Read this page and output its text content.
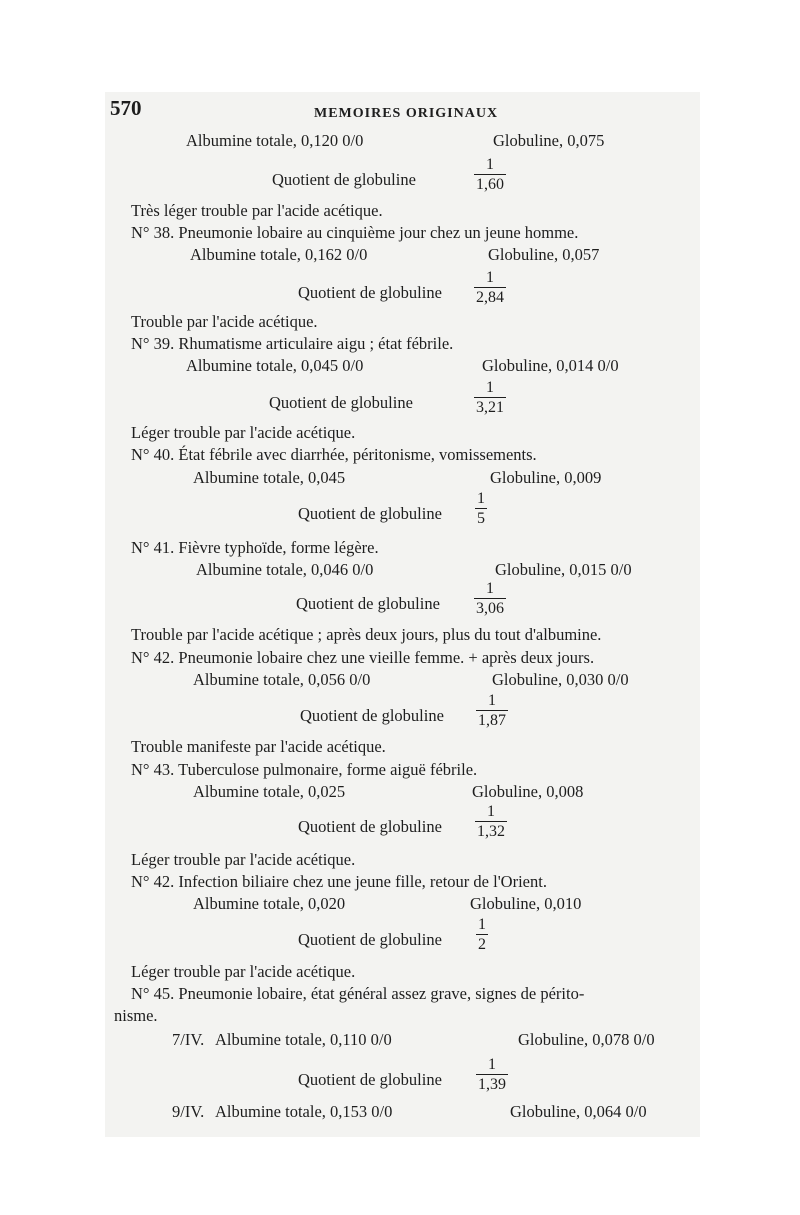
570	MEMOIRES ORIGINAUX
Albumine totale, 0,120 0/0	Globuline, 0,075
Quotient de globuline
1
1,60
Très léger trouble par l'acide acétique.
N° 38. Pneumonie lobaire au cinquième jour chez un jeune homme.
Albumine totale, 0,162 0/0	Globuline, 0,057
Quotient de globuline
1
2,84
Trouble par l'acide acétique.
N° 39. Rhumatisme articulaire aigu ; état fébrile.
Albumine totale, 0,045 0/0	Globuline, 0,014 0/0
Quotient de globuline
1
3,21
Léger trouble par l'acide acétique.
N° 40. État fébrile avec diarrhée, péritonisme, vomissements.
Albumine totale, 0,045	Globuline, 0,009
Quotient de globuline
1
5
N° 41. Fièvre typhoïde, forme légère.
Albumine totale, 0,046 0/0	Globuline, 0,015 0/0
Quotient de globuline
1
3,06
Trouble par l'acide acétique ; après deux jours, plus du tout d'albumine.
N° 42. Pneumonie lobaire chez une vieille femme. + après deux jours.
Albumine totale, 0,056 0/0	Globuline, 0,030 0/0
Quotient de globuline
1
1,87
Trouble manifeste par l'acide acétique.
N° 43. Tuberculose pulmonaire, forme aiguë fébrile.
Albumine totale, 0,025	Globuline, 0,008
Quotient de globuline
1
1,32
Léger trouble par l'acide acétique.
N° 42. Infection biliaire chez une jeune fille, retour de l'Orient.
Albumine totale, 0,020	Globuline, 0,010
Quotient de globuline
1
2
Léger trouble par l'acide acétique.
N° 45. Pneumonie lobaire, état général assez grave, signes de périto-
nisme.
7/IV. Albumine totale, 0,110 0/0	Globuline, 0,078 0/0
Quotient de globuline
1
1,39
9/IV. Albumine totale, 0,153 0/0	Globuline, 0,064 0/0
